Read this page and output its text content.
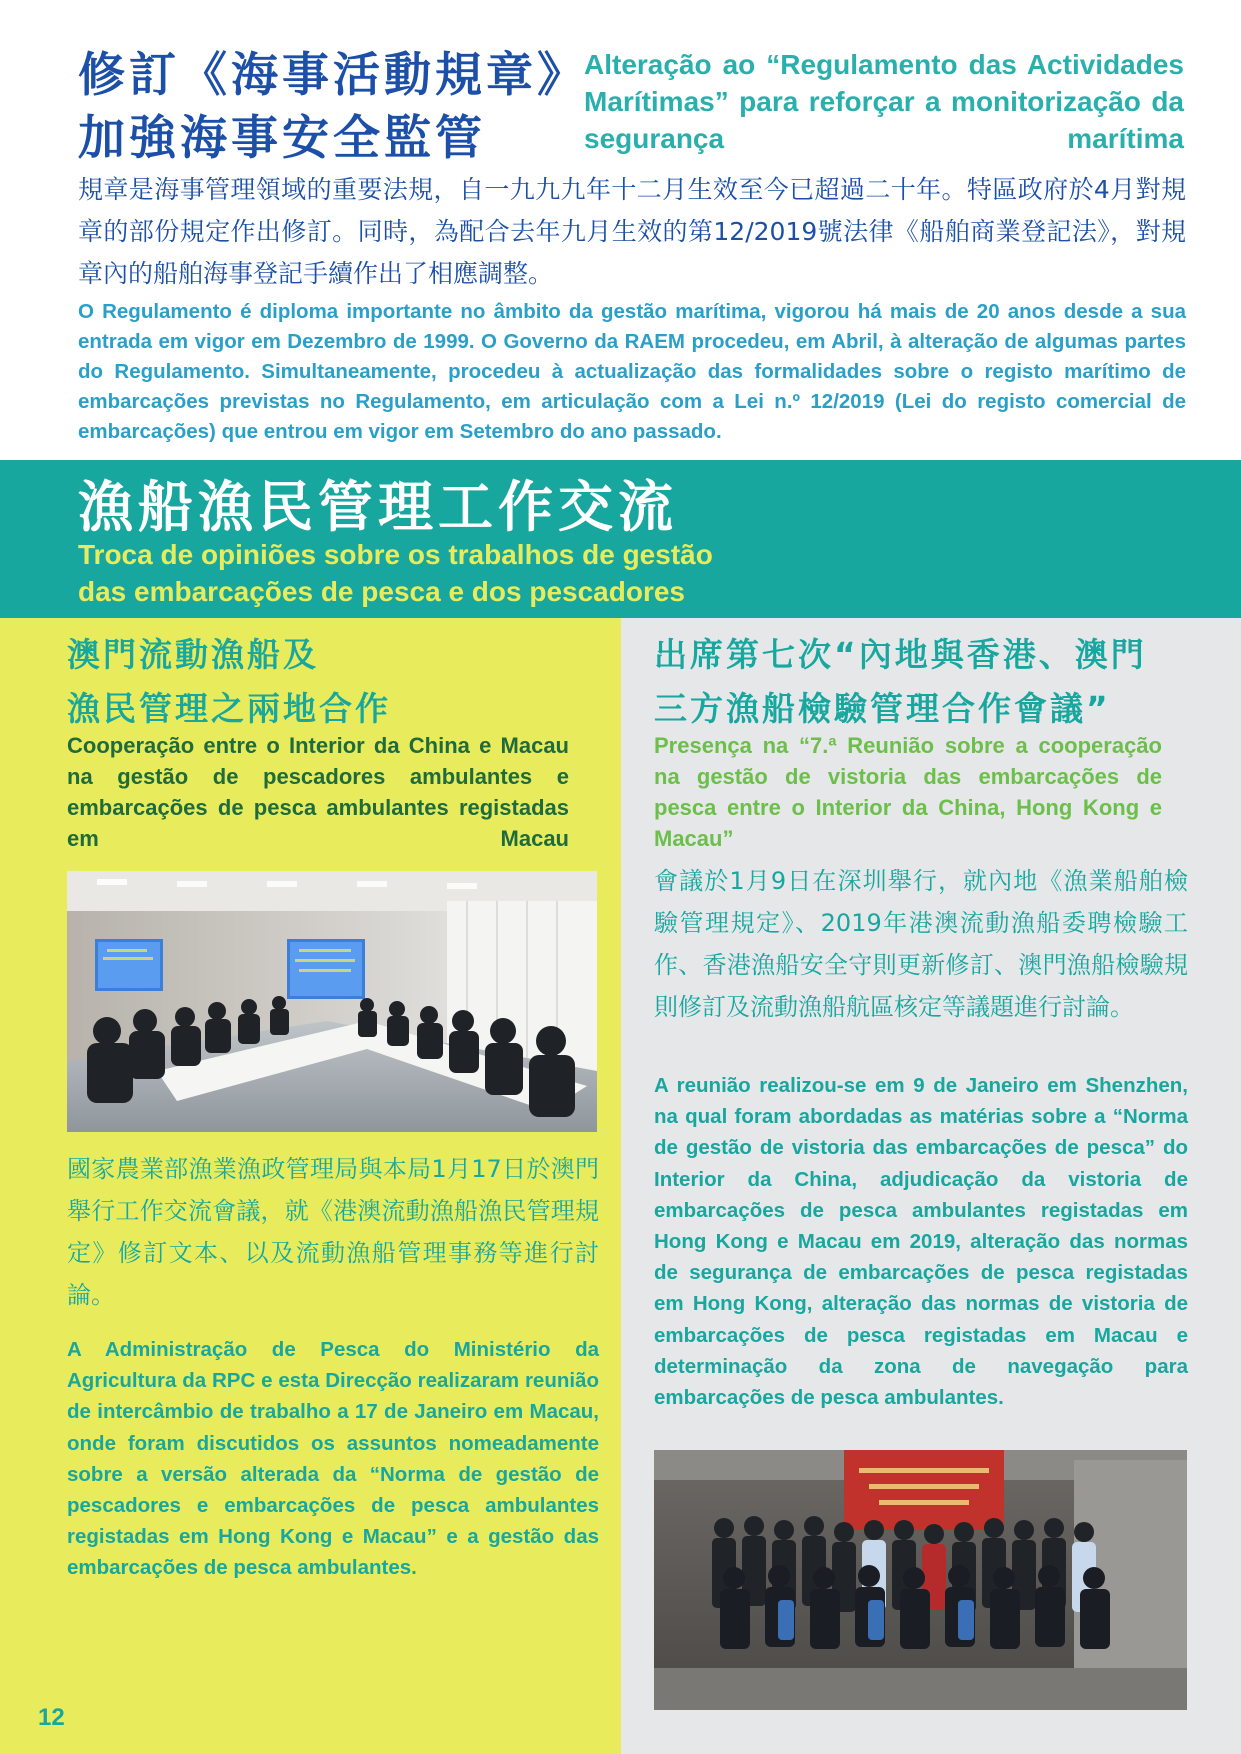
修訂《海事活動規章》
加強海事安全監管
Alteração ao “Regulamento das Actividades Marítimas” para reforçar a monitorização da segurança marítima
規章是海事管理領域的重要法規，自一九九九年十二月生效至今已超過二十年。特區政府於4月對規章的部份規定作出修訂。同時，為配合去年九月生效的第12/2019號法律《船舶商業登記法》，對規章內的船舶海事登記手續作出了相應調整。
O Regulamento é diploma importante no âmbito da gestão marítima, vigorou há mais de 20 anos desde a sua entrada em vigor em Dezembro de 1999. O Governo da RAEM procedeu, em Abril, à alteração de algumas partes do Regulamento. Simultaneamente, procedeu à actualização das formalidades sobre o registo marítimo de embarcações previstas no Regulamento, em articulação com a Lei n.º 12/2019 (Lei do registo comercial de embarcações) que entrou em vigor em Setembro do ano passado.
漁船漁民管理工作交流
Troca de opiniões sobre os trabalhos de gestão
das embarcações de pesca e dos pescadores
澳門流動漁船及
漁民管理之兩地合作
Cooperação entre o Interior da China e Macau na gestão de pescadores ambulantes e embarcações de pesca ambulantes registadas em Macau
國家農業部漁業漁政管理局與本局1月17日於澳門舉行工作交流會議，就《港澳流動漁船漁民管理規定》修訂文本、以及流動漁船管理事務等進行討論。
A Administração de Pesca do Ministério da Agricultura da RPC e esta Direcção realizaram reunião de intercâmbio de trabalho a 17 de Janeiro em Macau, onde foram discutidos os assuntos nomeadamente sobre a versão alterada da “Norma de gestão de pescadores e embarcações de pesca ambulantes registadas em Hong Kong e Macau” e a gestão das embarcações de pesca ambulantes.
出席第七次“內地與香港、澳門
三方漁船檢驗管理合作會議”
Presença na “7.ª Reunião sobre a cooperação na gestão de vistoria das embarcações de pesca entre o Interior da China, Hong Kong e Macau”
會議於1月9日在深圳舉行，就內地《漁業船舶檢驗管理規定》、2019年港澳流動漁船委聘檢驗工作、香港漁船安全守則更新修訂、澳門漁船檢驗規則修訂及流動漁船航區核定等議題進行討論。
A reunião realizou-se em 9 de Janeiro em Shenzhen, na qual foram abordadas as matérias sobre a “Norma de gestão de vistoria das embarcações de pesca” do Interior da China, adjudicação da vistoria de embarcações de pesca ambulantes registadas em Hong Kong e Macau em 2019, alteração das normas de segurança de embarcações de pesca registadas em Hong Kong, alteração das normas de vistoria de embarcações de pesca registadas em Macau e determinação da zona de navegação para embarcações de pesca ambulantes.
12
